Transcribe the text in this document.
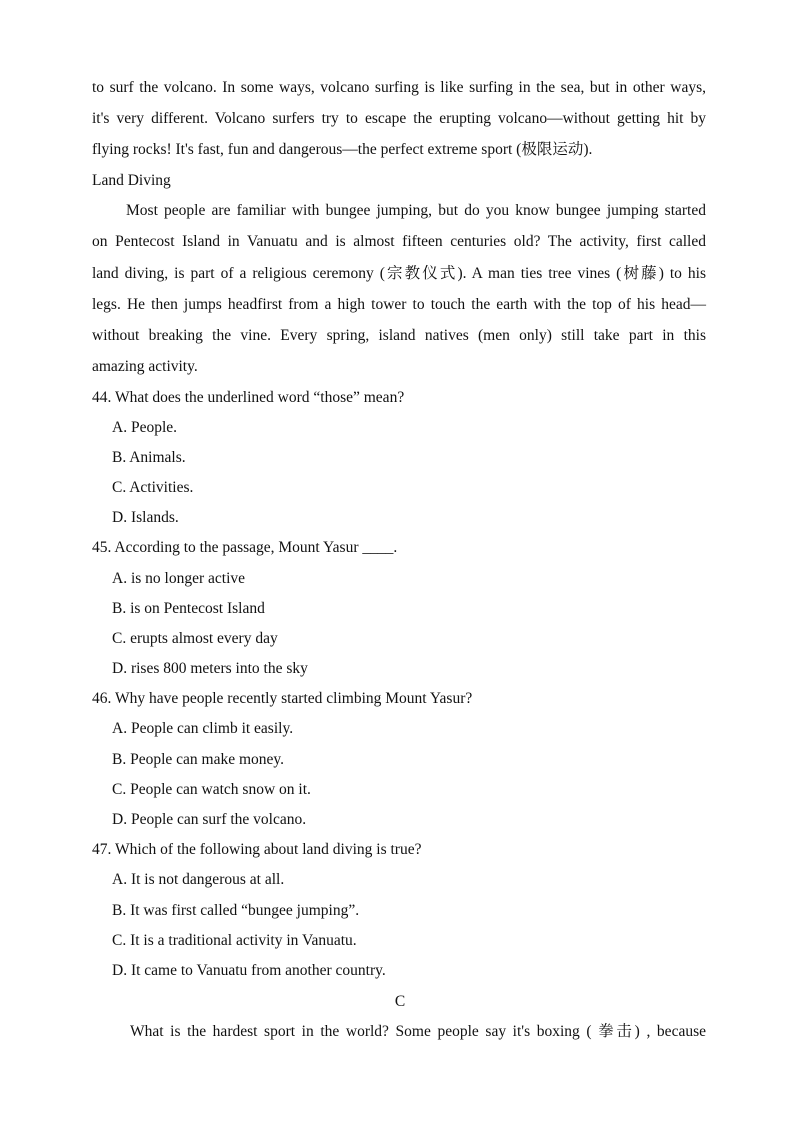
to surf the volcano. In some ways, volcano surfing is like surfing in the sea, but in other ways,
it's very different. Volcano surfers try to escape the erupting volcano—without getting hit by
flying rocks! It's fast, fun and dangerous—the perfect extreme sport (极限运动).
Land Diving
Most people are familiar with bungee jumping, but do you know bungee jumping started
on Pentecost Island in Vanuatu and is almost fifteen centuries old? The activity, first called
land diving, is part of a religious ceremony (宗教仪式). A man ties tree vines (树藤) to his
legs. He then jumps headfirst from a high tower to touch the earth with the top of his head—
without breaking the vine. Every spring, island natives (men only) still take part in this
amazing activity.
44. What does the underlined word “those” mean?
A. People.
B. Animals.
C. Activities.
D. Islands.
45. According to the passage, Mount Yasur ____.
A. is no longer active
B. is on Pentecost Island
C. erupts almost every day
D. rises 800 meters into the sky
46. Why have people recently started climbing Mount Yasur?
A. People can climb it easily.
B. People can make money.
C. People can watch snow on it.
D. People can surf the volcano.
47. Which of the following about land diving is true?
A. It is not dangerous at all.
B. It was first called “bungee jumping”.
C. It is a traditional activity in Vanuatu.
D. It came to Vanuatu from another country.
C
What is the hardest sport in the world? Some people say it's boxing ( 拳击) , because
